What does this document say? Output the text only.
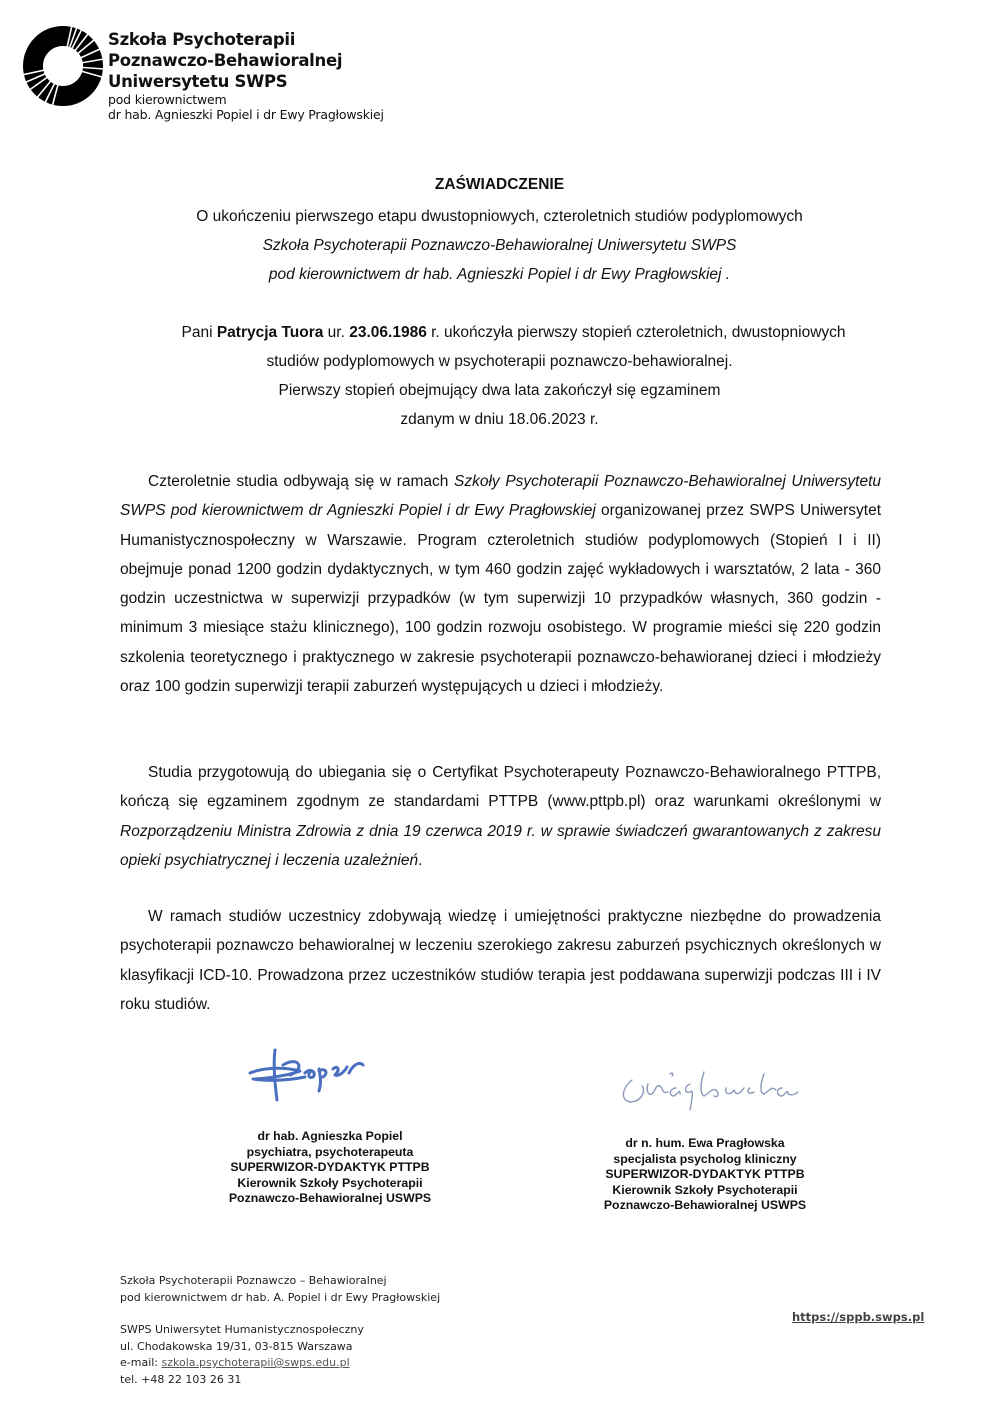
Szkoła Psychoterapii
Poznawczo-Behawioralnej
Uniwersytetu SWPS
pod kierownictwem
dr hab. Agnieszki Popiel i dr Ewy Pragłowskiej
ZAŚWIADCZENIE
O ukończeniu pierwszego etapu dwustopniowych, czteroletnich studiów podyplomowych
Szkoła Psychoterapii Poznawczo-Behawioralnej Uniwersytetu SWPS
pod kierownictwem dr hab. Agnieszki Popiel i dr Ewy Pragłowskiej .
Pani Patrycja Tuora ur. 23.06.1986 r. ukończyła pierwszy stopień czteroletnich, dwustopniowych
studiów podyplomowych w psychoterapii poznawczo-behawioralnej.
Pierwszy stopień obejmujący dwa lata zakończył się egzaminem
zdanym w dniu 18.06.2023 r.
Czteroletnie studia odbywają się w ramach Szkoły Psychoterapii Poznawczo-Behawioralnej Uniwersytetu SWPS pod kierownictwem dr Agnieszki Popiel i dr Ewy Pragłowskiej organizowanej przez SWPS Uniwersytet Humanistycznospołeczny w Warszawie. Program czteroletnich studiów podyplomowych (Stopień I i II) obejmuje ponad 1200 godzin dydaktycznych, w tym 460 godzin zajęć wykładowych i warsztatów, 2 lata - 360 godzin uczestnictwa w superwizji przypadków (w tym superwizji 10 przypadków własnych, 360 godzin - minimum 3 miesiące stażu klinicznego), 100 godzin rozwoju osobistego. W programie mieści się 220 godzin szkolenia teoretycznego i praktycznego w zakresie psychoterapii poznawczo-behawioranej dzieci i młodzieży oraz 100 godzin superwizji terapii zaburzeń występujących u dzieci i młodzieży.
Studia przygotowują do ubiegania się o Certyfikat Psychoterapeuty Poznawczo-Behawioralnego PTTPB, kończą się egzaminem zgodnym ze standardami PTTPB (www.pttpb.pl) oraz warunkami określonymi w Rozporządzeniu Ministra Zdrowia z dnia 19 czerwca 2019 r. w sprawie świadczeń gwarantowanych z zakresu opieki psychiatrycznej i leczenia uzależnień.
W ramach studiów uczestnicy zdobywają wiedzę i umiejętności praktyczne niezbędne do prowadzenia psychoterapii poznawczo behawioralnej w leczeniu szerokiego zakresu zaburzeń psychicznych określonych w klasyfikacji ICD-10. Prowadzona przez uczestników studiów terapia jest poddawana superwizji podczas III i IV roku studiów.
dr hab. Agnieszka Popiel
psychiatra, psychoterapeuta
SUPERWIZOR-DYDAKTYK PTTPB
Kierownik Szkoły Psychoterapii
Poznawczo-Behawioralnej USWPS
dr n. hum. Ewa Pragłowska
specjalista psycholog kliniczny
SUPERWIZOR-DYDAKTYK PTTPB
Kierownik Szkoły Psychoterapii
Poznawczo-Behawioralnej USWPS
Szkoła Psychoterapii Poznawczo – Behawioralnej
pod kierownictwem dr hab. A. Popiel i dr Ewy Pragłowskiej
SWPS Uniwersytet Humanistycznospołeczny
ul. Chodakowska 19/31, 03-815 Warszawa
e-mail: szkola.psychoterapii@swps.edu.pl
tel. +48 22 103 26 31
https://sppb.swps.pl
